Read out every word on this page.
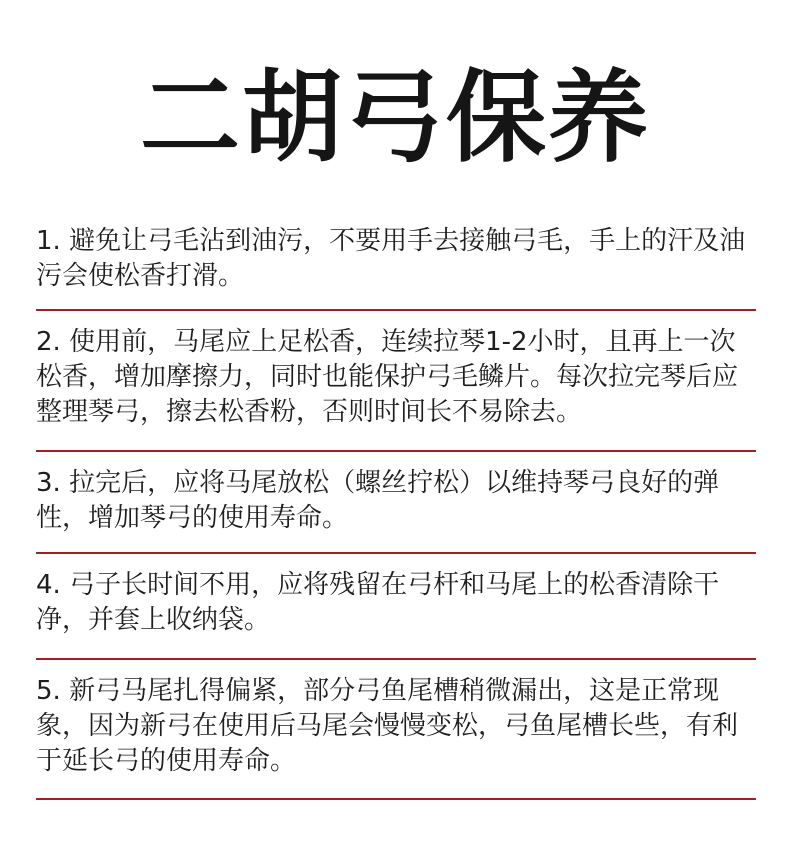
二胡弓保养

1. 避免让弓毛沾到油污，不要用手去接触弓毛，手上的汗及油污会使松香打滑。

2. 使用前，马尾应上足松香，连续拉琴1-2小时，且再上一次松香，增加摩擦力，同时也能保护弓毛鳞片。每次拉完琴后应整理琴弓，擦去松香粉，否则时间长不易除去。

3. 拉完后，应将马尾放松（螺丝拧松）以维持琴弓良好的弹性，增加琴弓的使用寿命。

4. 弓子长时间不用，应将残留在弓杆和马尾上的松香清除干净，并套上收纳袋。

5. 新弓马尾扎得偏紧，部分弓鱼尾槽稍微漏出，这是正常现象，因为新弓在使用后马尾会慢慢变松，弓鱼尾槽长些，有利于延长弓的使用寿命。
